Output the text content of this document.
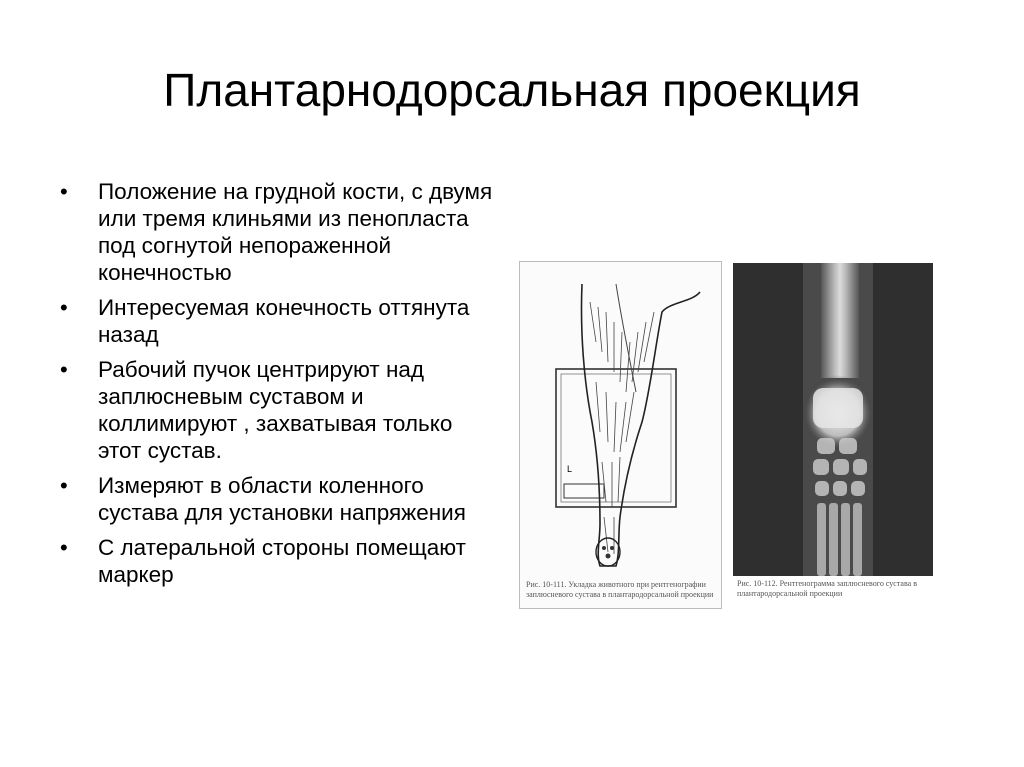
Плантарнодорсальная проекция
• Положение на грудной кости, с двумя или тремя клиньями из пенопласта под согнутой непораженной конечностью
• Интересуемая конечность оттянута назад
• Рабочий пучок центрируют над заплюсневым суставом и коллимируют , захватывая только этот сустав.
• Измеряют в области коленного сустава для установки напряжения
• С латеральной стороны помещают маркер
L
Рис. 10-111. Укладка животного при рентгенографии заплюсневого сустава в плантародорсальной проекции
Рис. 10-112. Рентгенограмма заплюсневого сустава в плантародорсальной проекции
